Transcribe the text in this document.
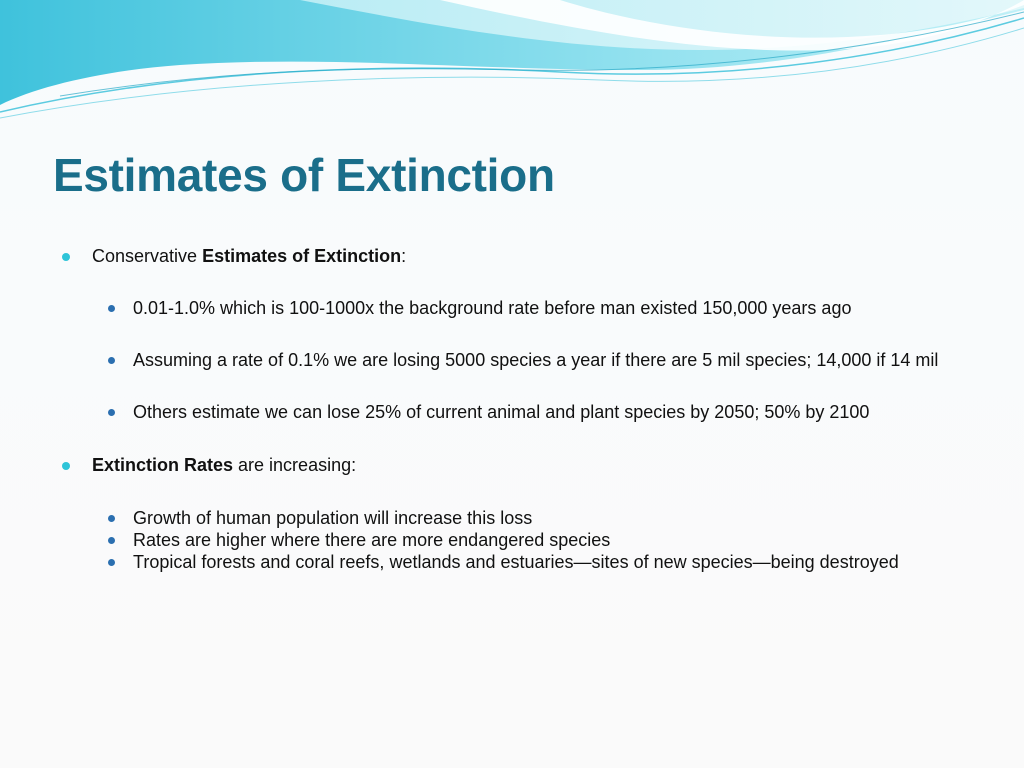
Estimates of Extinction
Conservative Estimates of Extinction:
0.01-1.0% which is 100-1000x the background rate before man existed 150,000 years ago
Assuming a rate of 0.1% we are losing 5000 species a year if there are 5 mil species; 14,000 if 14 mil
Others estimate we can lose 25% of current animal and plant species by 2050; 50% by 2100
Extinction Rates are increasing:
Growth of human population will increase this loss
Rates are higher where there are more endangered species
Tropical forests and coral reefs, wetlands and estuaries—sites of new species—being destroyed
